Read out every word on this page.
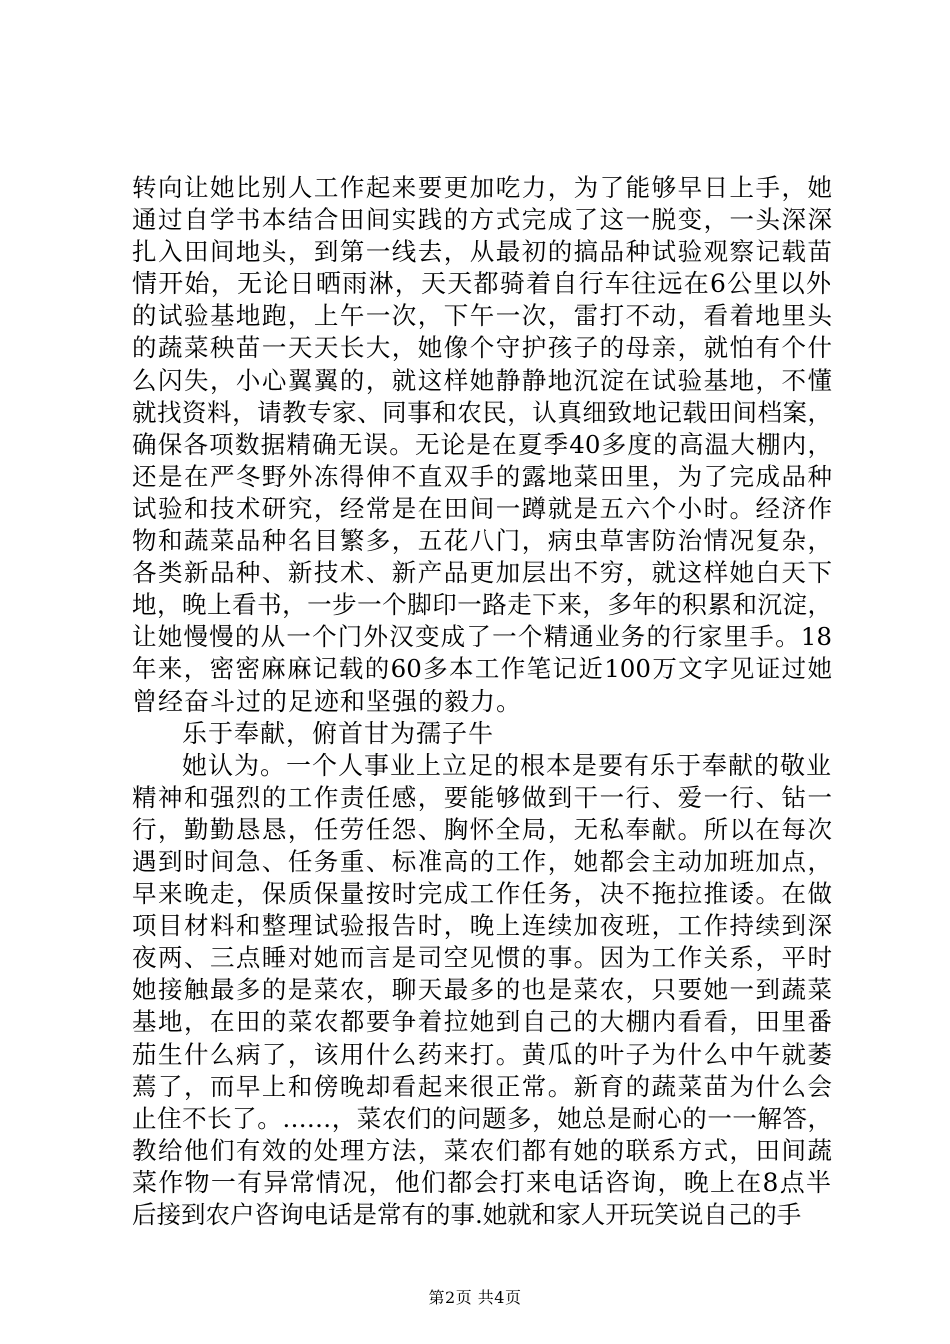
转向让她比别人工作起来要更加吃力，为了能够早日上手，她
通过自学书本结合田间实践的方式完成了这一脱变，一头深深
扎入田间地头，到第一线去，从最初的搞品种试验观察记载苗
情开始，无论日晒雨淋，天天都骑着自行车往远在6公里以外
的试验基地跑，上午一次，下午一次，雷打不动，看着地里头
的蔬菜秧苗一天天长大，她像个守护孩子的母亲，就怕有个什
么闪失，小心翼翼的，就这样她静静地沉淀在试验基地，不懂
就找资料，请教专家、同事和农民，认真细致地记载田间档案，
确保各项数据精确无误。无论是在夏季40多度的高温大棚内，
还是在严冬野外冻得伸不直双手的露地菜田里，为了完成品种
试验和技术研究，经常是在田间一蹲就是五六个小时。经济作
物和蔬菜品种名目繁多，五花八门，病虫草害防治情况复杂，
各类新品种、新技术、新产品更加层出不穷，就这样她白天下
地，晚上看书，一步一个脚印一路走下来，多年的积累和沉淀，
让她慢慢的从一个门外汉变成了一个精通业务的行家里手。18
年来，密密麻麻记载的60多本工作笔记近100万文字见证过她
曾经奋斗过的足迹和坚强的毅力。
乐于奉献，俯首甘为孺子牛
她认为。一个人事业上立足的根本是要有乐于奉献的敬业
精神和强烈的工作责任感，要能够做到干一行、爱一行、钻一
行，勤勤恳恳，任劳任怨、胸怀全局，无私奉献。所以在每次
遇到时间急、任务重、标准高的工作，她都会主动加班加点，
早来晚走，保质保量按时完成工作任务，决不拖拉推诿。在做
项目材料和整理试验报告时，晚上连续加夜班，工作持续到深
夜两、三点睡对她而言是司空见惯的事。因为工作关系，平时
她接触最多的是菜农，聊天最多的也是菜农，只要她一到蔬菜
基地，在田的菜农都要争着拉她到自己的大棚内看看，田里番
茄生什么病了，该用什么药来打。黄瓜的叶子为什么中午就萎
蔫了，而早上和傍晚却看起来很正常。新育的蔬菜苗为什么会
止住不长了。……，菜农们的问题多，她总是耐心的一一解答，
教给他们有效的处理方法，菜农们都有她的联系方式，田间蔬
菜作物一有异常情况，他们都会打来电话咨询，晚上在8点半
后接到农户咨询电话是常有的事.她就和家人开玩笑说自己的手
第2页 共4页
